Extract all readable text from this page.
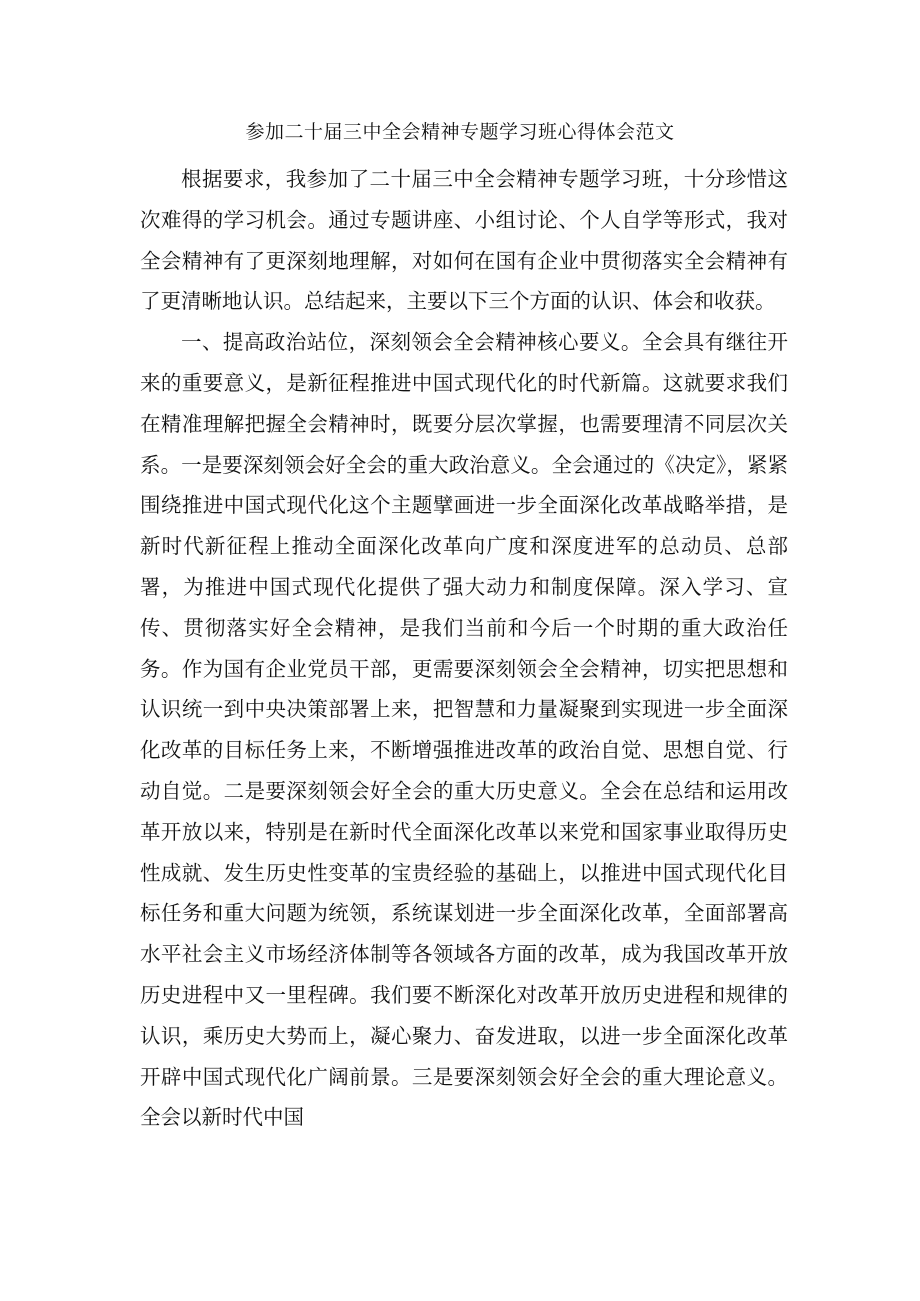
参加二十届三中全会精神专题学习班心得体会范文

根据要求，我参加了二十届三中全会精神专题学习班，十分珍惜这次难得的学习机会。通过专题讲座、小组讨论、个人自学等形式，我对全会精神有了更深刻地理解，对如何在国有企业中贯彻落实全会精神有了更清晰地认识。总结起来，主要以下三个方面的认识、体会和收获。

一、提高政治站位，深刻领会全会精神核心要义。全会具有继往开来的重要意义，是新征程推进中国式现代化的时代新篇。这就要求我们在精准理解把握全会精神时，既要分层次掌握，也需要理清不同层次关系。一是要深刻领会好全会的重大政治意义。全会通过的《决定》，紧紧围绕推进中国式现代化这个主题擘画进一步全面深化改革战略举措，是新时代新征程上推动全面深化改革向广度和深度进军的总动员、总部署，为推进中国式现代化提供了强大动力和制度保障。深入学习、宣传、贯彻落实好全会精神，是我们当前和今后一个时期的重大政治任务。作为国有企业党员干部，更需要深刻领会全会精神，切实把思想和认识统一到中央决策部署上来，把智慧和力量凝聚到实现进一步全面深化改革的目标任务上来，不断增强推进改革的政治自觉、思想自觉、行动自觉。二是要深刻领会好全会的重大历史意义。全会在总结和运用改革开放以来，特别是在新时代全面深化改革以来党和国家事业取得历史性成就、发生历史性变革的宝贵经验的基础上，以推进中国式现代化目标任务和重大问题为统领，系统谋划进一步全面深化改革，全面部署高水平社会主义市场经济体制等各领域各方面的改革，成为我国改革开放历史进程中又一里程碑。我们要不断深化对改革开放历史进程和规律的认识，乘历史大势而上，凝心聚力、奋发进取，以进一步全面深化改革开辟中国式现代化广阔前景。三是要深刻领会好全会的重大理论意义。全会以新时代中国
